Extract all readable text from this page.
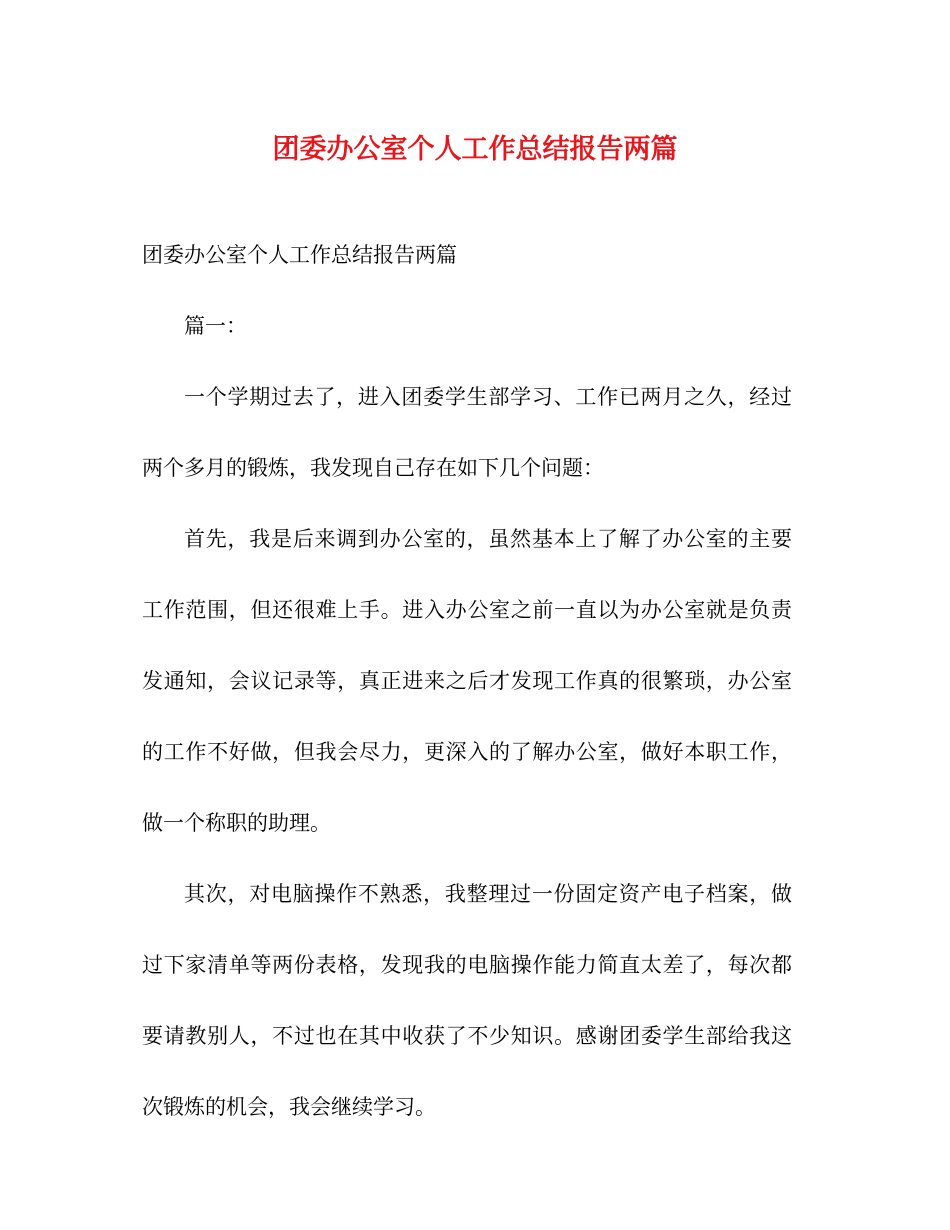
团委办公室个人工作总结报告两篇

团委办公室个人工作总结报告两篇

篇一：

一个学期过去了，进入团委学生部学习、工作已两月之久，经过两个多月的锻炼，我发现自己存在如下几个问题：

首先，我是后来调到办公室的，虽然基本上了解了办公室的主要工作范围，但还很难上手。进入办公室之前一直以为办公室就是负责发通知，会议记录等，真正进来之后才发现工作真的很繁琐，办公室的工作不好做，但我会尽力，更深入的了解办公室，做好本职工作，做一个称职的助理。

其次，对电脑操作不熟悉，我整理过一份固定资产电子档案，做过下家清单等两份表格，发现我的电脑操作能力简直太差了，每次都要请教别人，不过也在其中收获了不少知识。感谢团委学生部给我这次锻炼的机会，我会继续学习。
